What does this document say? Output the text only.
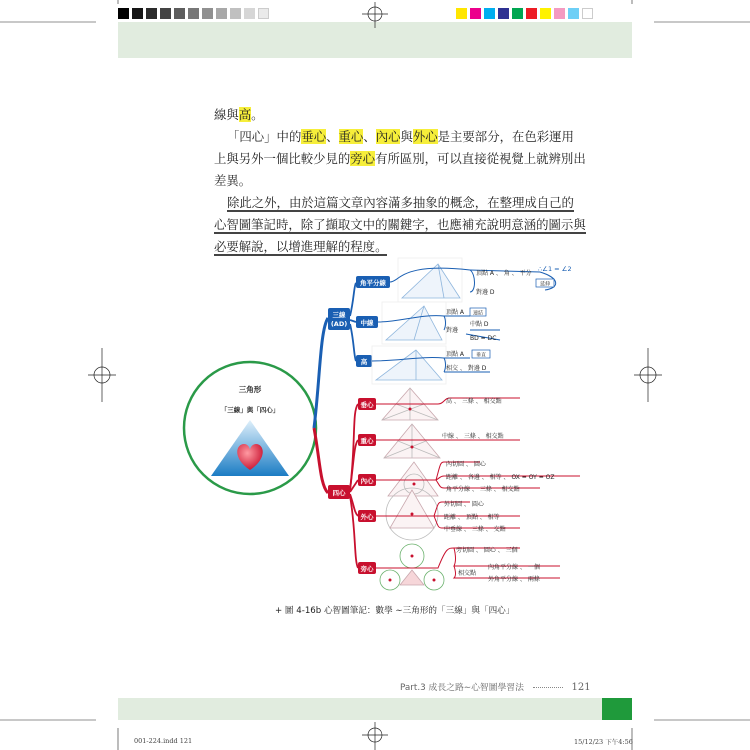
線與高。
「四心」中的垂心、重心、內心與外心是主要部分，在色彩運用
上與另外一個比較少見的旁心有所區別，可以直接從視覺上就辨別出
差異。
除此之外，由於這篇文章內容滿多抽象的概念，在整理成自己的
心智圖筆記時，除了擷取文中的關鍵字，也應補充說明意涵的圖示與
必要解說，以增進理解的程度。
三角形
「三線」與「四心」
三線
(AD)
四心
角平分線
中線
高
頂點 A 、 角 、 平分
對邊 D
∴∠1 = ∠2
延伸
頂點 A 連結
對邊
中點 D
BD = DC
頂點 A 垂直
相交 、 對邊 D
垂心
重心
內心
外心
旁心
高 、 三條 、 相交點
中線 、 三條 、 相交點
內切圓 、 圓心
距離 、 各邊 、 相等 、 OX = OY = OZ
角平分線 、 三條 、 相交點
外切圓 、 圓心
距離 、 頂點 、 相等
中垂線 、 三條 、 交點
旁切圓 、 圓心 、 三個
內角平分線 、 一個
外角平分線 、 兩條
相交點
+ 圖 4-16b 心智圖筆記：數學 ∼三角形的「三線」與「四心」
Part.3 成長之路∼心智圖學習法	121
001-224.indd 121	15/12/23 下午4:56
